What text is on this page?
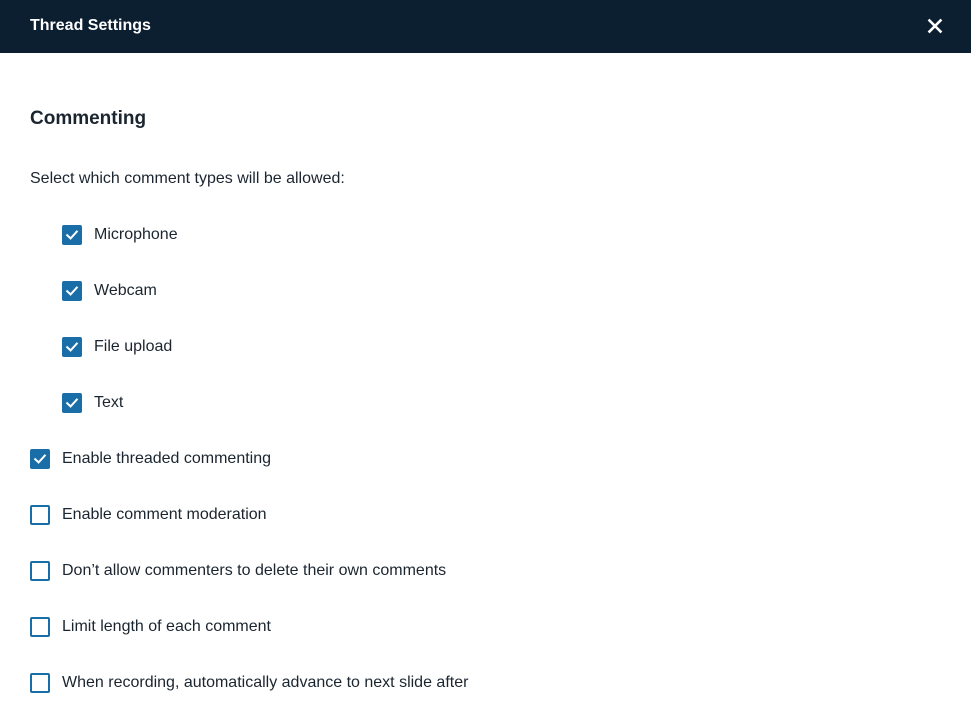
Thread Settings
Commenting
Select which comment types will be allowed:
Microphone
Webcam
File upload
Text
Enable threaded commenting
Enable comment moderation
Don’t allow commenters to delete their own comments
Limit length of each comment
When recording, automatically advance to next slide after
